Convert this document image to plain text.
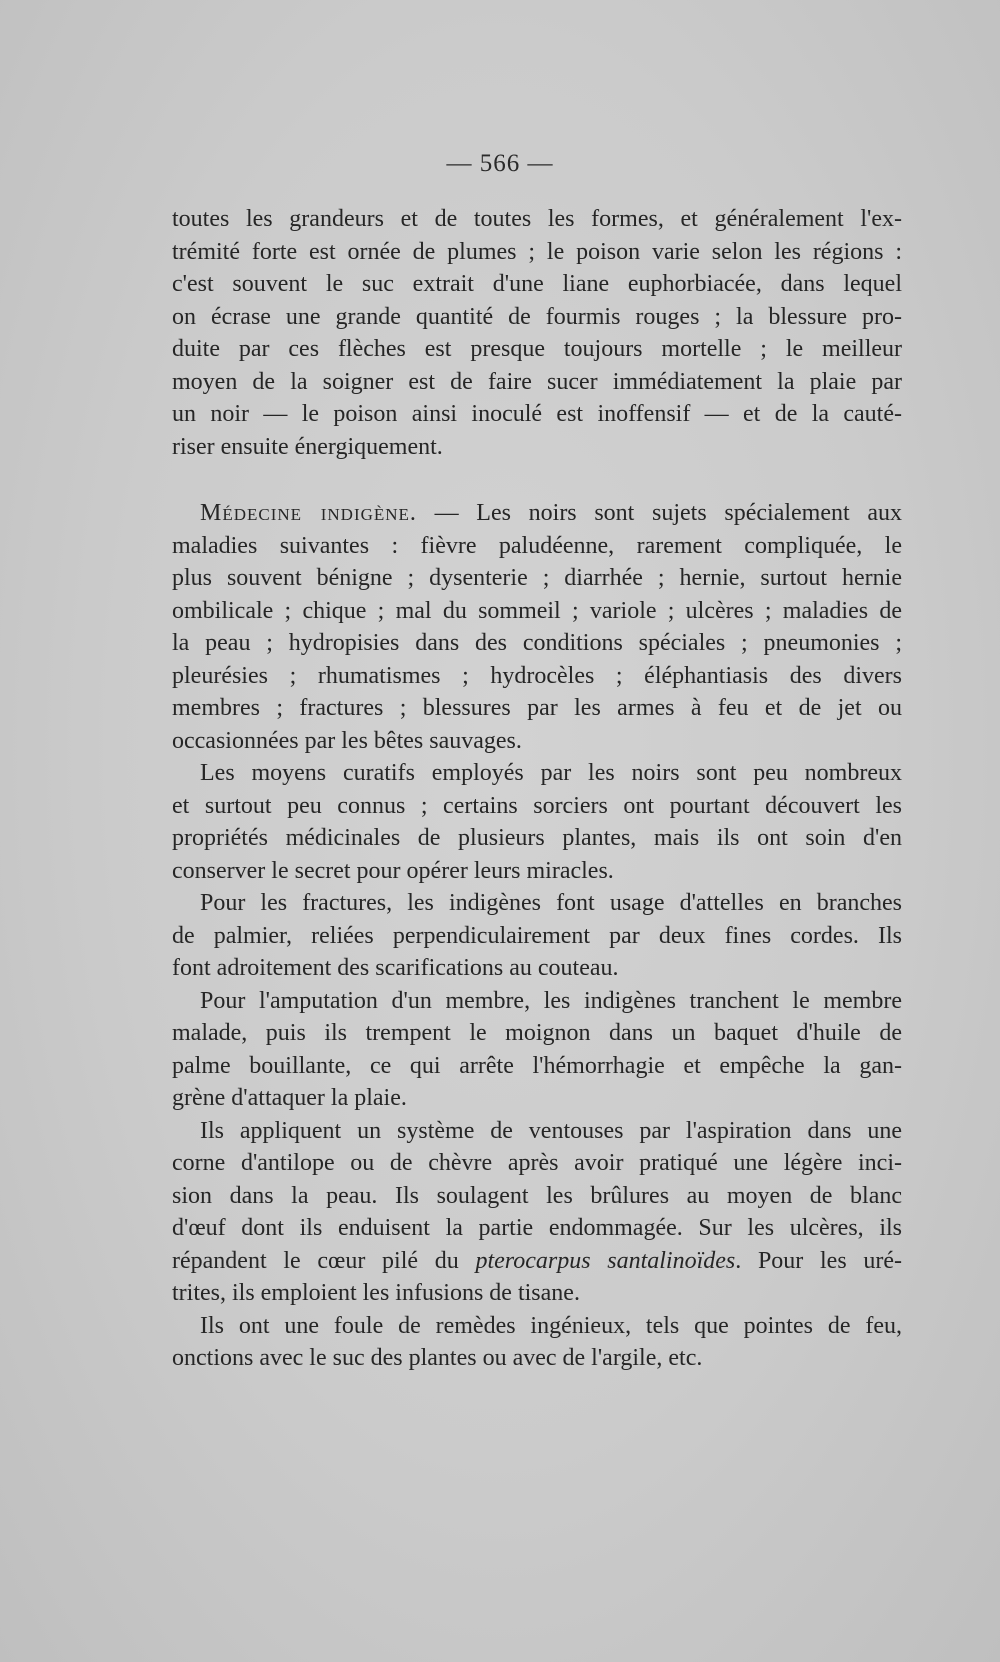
— 566 —
toutes les grandeurs et de toutes les formes, et généralement l'ex-
trémité forte est ornée de plumes ; le poison varie selon les régions :
c'est souvent le suc extrait d'une liane euphorbiacée, dans lequel
on écrase une grande quantité de fourmis rouges ; la blessure pro-
duite par ces flèches est presque toujours mortelle ; le meilleur
moyen de la soigner est de faire sucer immédiatement la plaie par
un noir — le poison ainsi inoculé est inoffensif — et de la cauté-
riser ensuite énergiquement.
Médecine indigène. — Les noirs sont sujets spécialement aux
maladies suivantes : fièvre paludéenne, rarement compliquée, le
plus souvent bénigne ; dysenterie ; diarrhée ; hernie, surtout hernie
ombilicale ; chique ; mal du sommeil ; variole ; ulcères ; maladies de
la peau ; hydropisies dans des conditions spéciales ; pneumonies ;
pleurésies ; rhumatismes ; hydrocèles ; éléphantiasis des divers
membres ; fractures ; blessures par les armes à feu et de jet ou
occasionnées par les bêtes sauvages.
Les moyens curatifs employés par les noirs sont peu nombreux
et surtout peu connus ; certains sorciers ont pourtant découvert les
propriétés médicinales de plusieurs plantes, mais ils ont soin d'en
conserver le secret pour opérer leurs miracles.
Pour les fractures, les indigènes font usage d'attelles en branches
de palmier, reliées perpendiculairement par deux fines cordes. Ils
font adroitement des scarifications au couteau.
Pour l'amputation d'un membre, les indigènes tranchent le membre
malade, puis ils trempent le moignon dans un baquet d'huile de
palme bouillante, ce qui arrête l'hémorrhagie et empêche la gan-
grène d'attaquer la plaie.
Ils appliquent un système de ventouses par l'aspiration dans une
corne d'antilope ou de chèvre après avoir pratiqué une légère inci-
sion dans la peau. Ils soulagent les brûlures au moyen de blanc
d'œuf dont ils enduisent la partie endommagée. Sur les ulcères, ils
répandent le cœur pilé du pterocarpus santalinoïdes. Pour les uré-
trites, ils emploient les infusions de tisane.
Ils ont une foule de remèdes ingénieux, tels que pointes de feu,
onctions avec le suc des plantes ou avec de l'argile, etc.
